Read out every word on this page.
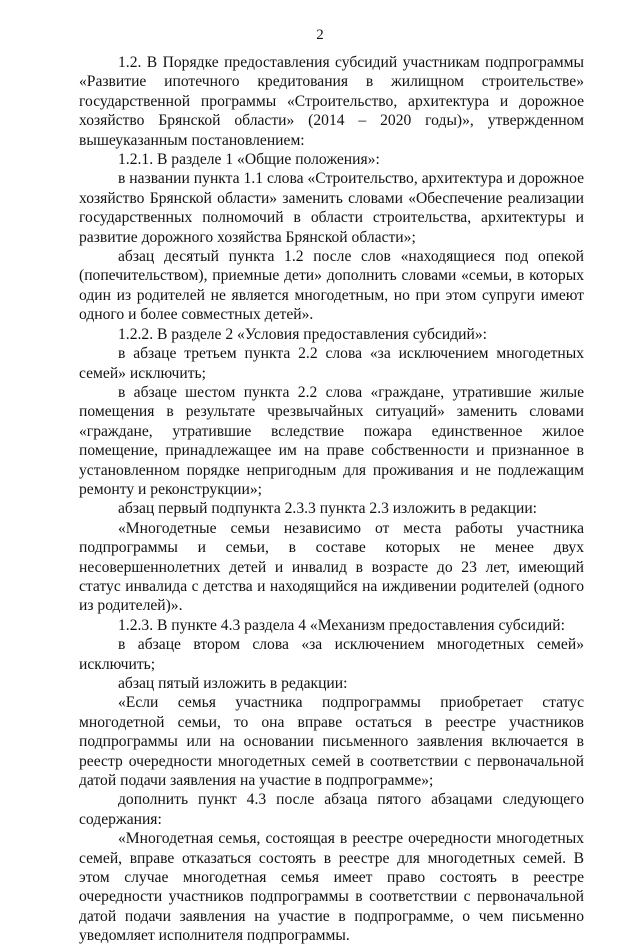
2

1.2. В Порядке предоставления субсидий участникам подпрограммы «Развитие ипотечного кредитования в жилищном строительстве» государственной программы «Строительство, архитектура и дорожное хозяйство Брянской области» (2014 – 2020 годы)», утвержденном вышеуказанным постановлением:

1.2.1. В разделе 1 «Общие положения»:

в названии пункта 1.1 слова «Строительство, архитектура и дорожное хозяйство Брянской области» заменить словами «Обеспечение реализации государственных полномочий в области строительства, архитектуры и развитие дорожного хозяйства Брянской области»;

абзац десятый пункта 1.2 после слов «находящиеся под опекой (попечительством), приемные дети» дополнить словами «семьи, в которых один из родителей не является многодетным, но при этом супруги имеют одного и более совместных детей».

1.2.2. В разделе 2 «Условия предоставления субсидий»:

в абзаце третьем пункта 2.2 слова «за исключением многодетных семей» исключить;

в абзаце шестом пункта 2.2 слова «граждане, утратившие жилые помещения в результате чрезвычайных ситуаций» заменить словами «граждане, утратившие вследствие пожара единственное жилое помещение, принадлежащее им на праве собственности и признанное в установленном порядке непригодным для проживания и не подлежащим ремонту и реконструкции»;

абзац первый подпункта 2.3.3 пункта 2.3 изложить в редакции:

«Многодетные семьи независимо от места работы участника подпрограммы и семьи, в составе которых не менее двух несовершеннолетних детей и инвалид в возрасте до 23 лет, имеющий статус инвалида с детства и находящийся на иждивении родителей (одного из родителей)».

1.2.3. В пункте 4.3 раздела 4 «Механизм предоставления субсидий:

в абзаце втором слова «за исключением многодетных семей» исключить;

абзац пятый изложить в редакции:

«Если семья участника подпрограммы приобретает статус многодетной семьи, то она вправе остаться в реестре участников подпрограммы или на основании письменного заявления включается в реестр очередности многодетных семей в соответствии с первоначальной датой подачи заявления на участие в подпрограмме»;

дополнить пункт 4.3 после абзаца пятого абзацами следующего содержания:

«Многодетная семья, состоящая в реестре очередности многодетных семей, вправе отказаться состоять в реестре для многодетных семей. В этом случае многодетная семья имеет право состоять в реестре очередности участников подпрограммы в соответствии с первоначальной датой подачи заявления на участие в подпрограмме, о чем письменно уведомляет исполнителя подпрограммы.
